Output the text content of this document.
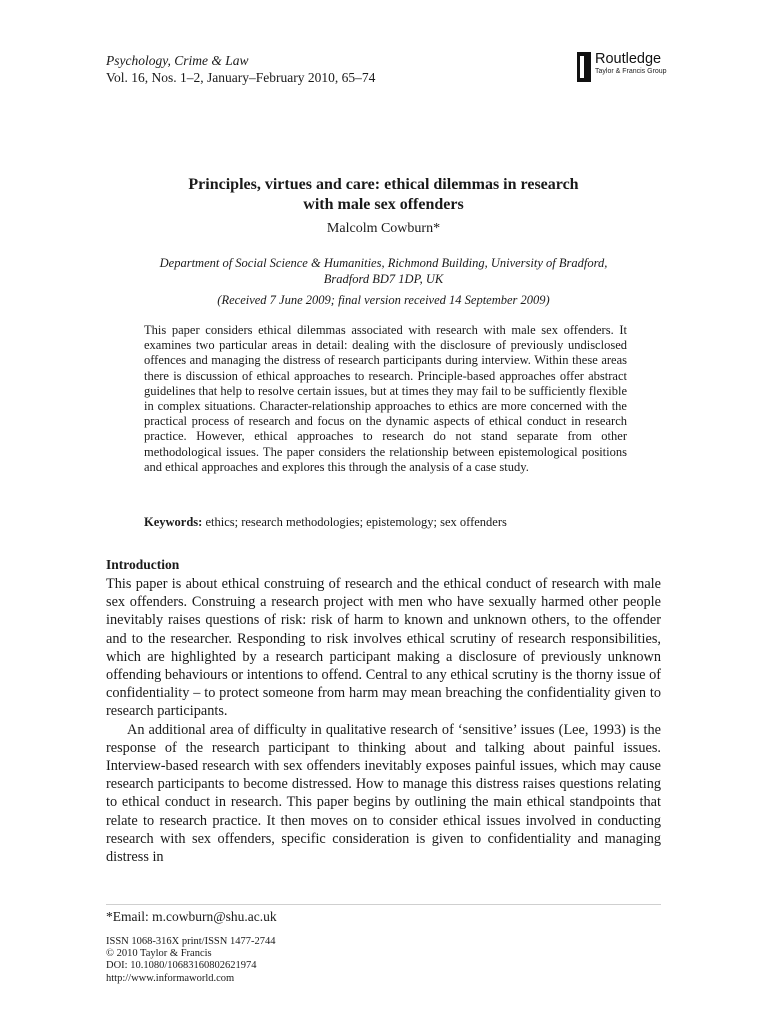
Psychology, Crime & Law
Vol. 16, Nos. 1–2, January–February 2010, 65–74
Routledge
Taylor & Francis Group
Principles, virtues and care: ethical dilemmas in research
with male sex offenders
Malcolm Cowburn*
Department of Social Science & Humanities, Richmond Building, University of Bradford,
Bradford BD7 1DP, UK
(Received 7 June 2009; final version received 14 September 2009)
This paper considers ethical dilemmas associated with research with male sex offenders. It examines two particular areas in detail: dealing with the disclosure of previously undisclosed offences and managing the distress of research participants during interview. Within these areas there is discussion of ethical approaches to research. Principle-based approaches offer abstract guidelines that help to resolve certain issues, but at times they may fail to be sufficiently flexible in complex situations. Character-relationship approaches to ethics are more concerned with the practical process of research and focus on the dynamic aspects of ethical conduct in research practice. However, ethical approaches to research do not stand separate from other methodological issues. The paper considers the relationship between epistemological positions and ethical approaches and explores this through the analysis of a case study.
Keywords: ethics; research methodologies; epistemology; sex offenders
Introduction

This paper is about ethical construing of research and the ethical conduct of research with male sex offenders. Construing a research project with men who have sexually harmed other people inevitably raises questions of risk: risk of harm to known and unknown others, to the offender and to the researcher. Responding to risk involves ethical scrutiny of research responsibilities, which are highlighted by a research participant making a disclosure of previously unknown offending behaviours or intentions to offend. Central to any ethical scrutiny is the thorny issue of confidentiality – to protect someone from harm may mean breaching the confidentiality given to research participants.

An additional area of difficulty in qualitative research of ‘sensitive’ issues (Lee, 1993) is the response of the research participant to thinking about and talking about painful issues. Interview-based research with sex offenders inevitably exposes painful issues, which may cause research participants to become distressed. How to manage this distress raises questions relating to ethical conduct in research. This paper begins by outlining the main ethical standpoints that relate to research practice. It then moves on to consider ethical issues involved in conducting research with sex offenders, specific consideration is given to confidentiality and managing distress in

*Email: m.cowburn@shu.ac.uk
ISSN 1068-316X print/ISSN 1477-2744
© 2010 Taylor & Francis
DOI: 10.1080/10683160802621974
http://www.informaworld.com
